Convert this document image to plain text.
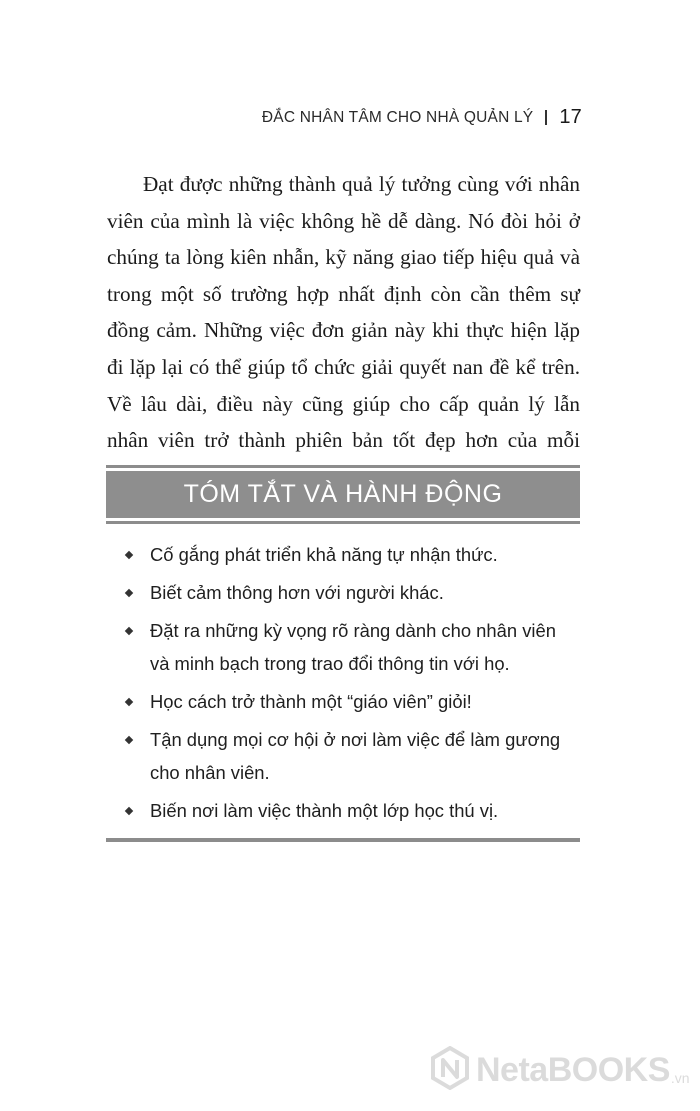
ĐẮC NHÂN TÂM CHO NHÀ QUẢN LÝ 17

Đạt được những thành quả lý tưởng cùng với nhân viên của mình là việc không hề dễ dàng. Nó đòi hỏi ở chúng ta lòng kiên nhẫn, kỹ năng giao tiếp hiệu quả và trong một số trường hợp nhất định còn cần thêm sự đồng cảm. Những việc đơn giản này khi thực hiện lặp đi lặp lại có thể giúp tổ chức giải quyết nan đề kể trên. Về lâu dài, điều này cũng giúp cho cấp quản lý lẫn nhân viên trở thành phiên bản tốt đẹp hơn của mỗi

TÓM TẮT VÀ HÀNH ĐỘNG
Cố gắng phát triển khả năng tự nhận thức.
Biết cảm thông hơn với người khác.
Đặt ra những kỳ vọng rõ ràng dành cho nhân viên và minh bạch trong trao đổi thông tin với họ.
Học cách trở thành một “giáo viên” giỏi!
Tận dụng mọi cơ hội ở nơi làm việc để làm gương cho nhân viên.
Biến nơi làm việc thành một lớp học thú vị.
NetaBOOKS .vn
